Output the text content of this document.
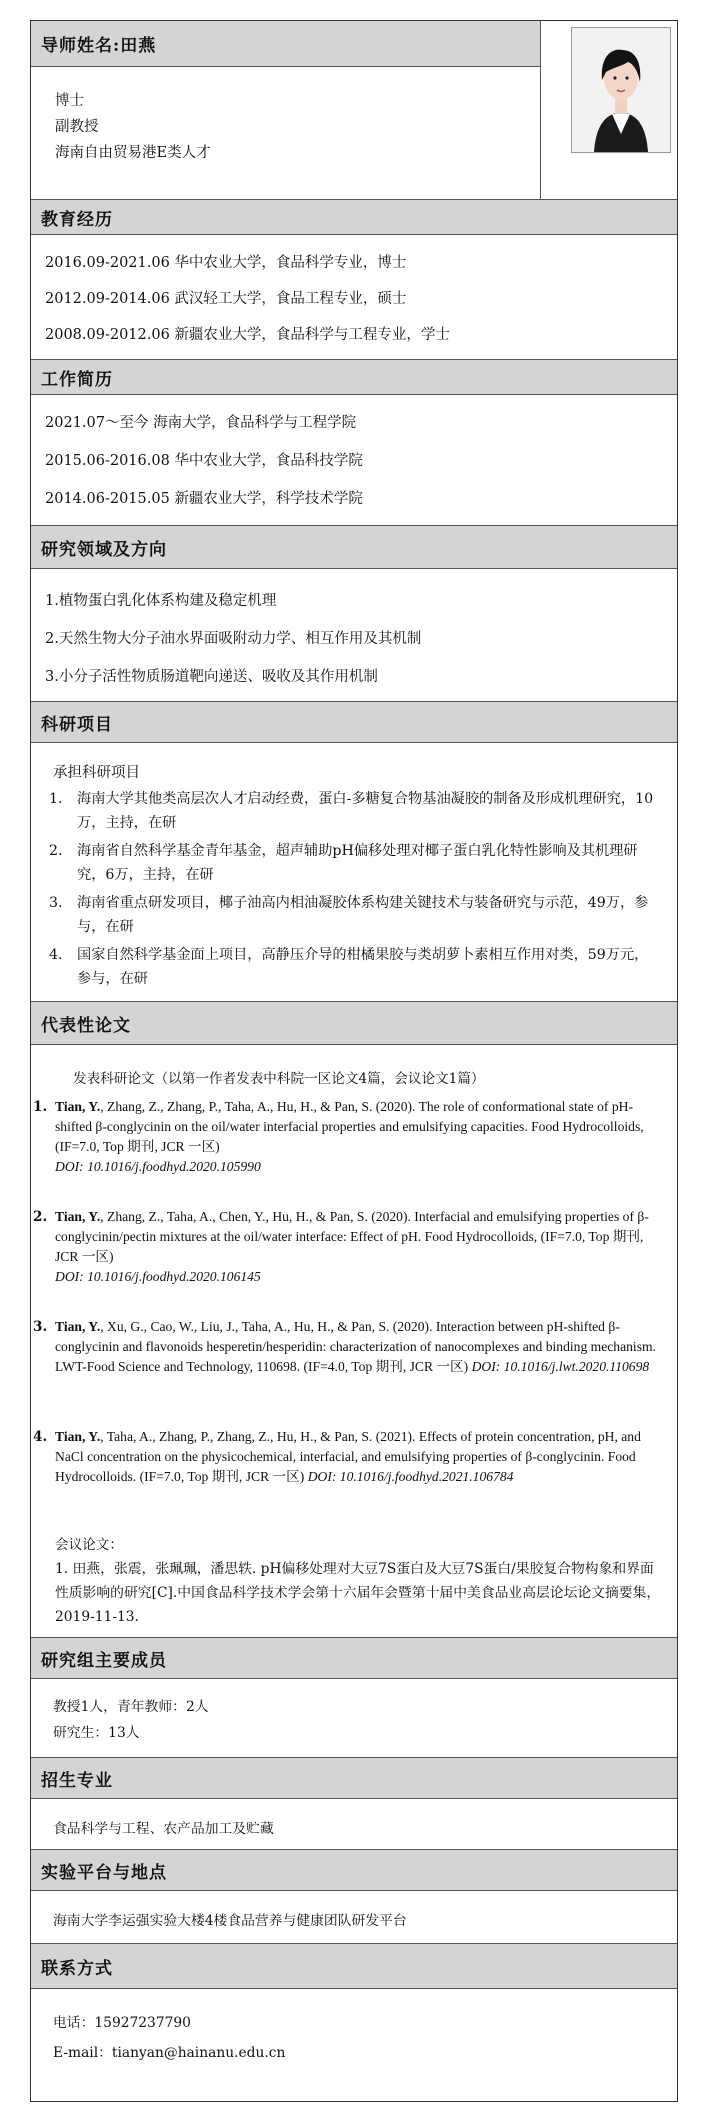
导师姓名:田燕
博士
副教授
海南自由贸易港E类人才
教育经历
2016.09-2021.06 华中农业大学，食品科学专业，博士
2012.09-2014.06 武汉轻工大学，食品工程专业，硕士
2008.09-2012.06 新疆农业大学，食品科学与工程专业，学士
工作简历
2021.07～至今 海南大学，食品科学与工程学院
2015.06-2016.08 华中农业大学，食品科技学院
2014.06-2015.05 新疆农业大学，科学技术学院
研究领域及方向
1.植物蛋白乳化体系构建及稳定机理
2.天然生物大分子油水界面吸附动力学、相互作用及其机制
3.小分子活性物质肠道靶向递送、吸收及其作用机制
科研项目
承担科研项目
1. 海南大学其他类高层次人才启动经费，蛋白-多糖复合物基油凝胶的制备及形成机理研究，10万，主持，在研
2. 海南省自然科学基金青年基金，超声辅助pH偏移处理对椰子蛋白乳化特性影响及其机理研究，6万，主持，在研
3. 海南省重点研发项目，椰子油高内相油凝胶体系构建关键技术与装备研究与示范，49万，参与，在研
4. 国家自然科学基金面上项目，高静压介导的柑橘果胶与类胡萝卜素相互作用对类，59万元，参与，在研
代表性论文
发表科研论文（以第一作者发表中科院一区论文4篇，会议论文1篇）
1. Tian, Y., Zhang, Z., Zhang, P., Taha, A., Hu, H., & Pan, S. (2020). The role of conformational state of pH-shifted β-conglycinin on the oil/water interfacial properties and emulsifying capacities. Food Hydrocolloids, (IF=7.0, Top 期刊, JCR 一区)
DOI: 10.1016/j.foodhyd.2020.105990
2. Tian, Y., Zhang, Z., Taha, A., Chen, Y., Hu, H., & Pan, S. (2020). Interfacial and emulsifying properties of β-conglycinin/pectin mixtures at the oil/water interface: Effect of pH. Food Hydrocolloids, (IF=7.0, Top 期刊, JCR 一区)
DOI: 10.1016/j.foodhyd.2020.106145
3. Tian, Y., Xu, G., Cao, W., Liu, J., Taha, A., Hu, H., & Pan, S. (2020). Interaction between pH-shifted β-conglycinin and flavonoids hesperetin/hesperidin: characterization of nanocomplexes and binding mechanism. LWT-Food Science and Technology, 110698. (IF=4.0, Top 期刊, JCR 一区) DOI: 10.1016/j.lwt.2020.110698
4. Tian, Y., Taha, A., Zhang, P., Zhang, Z., Hu, H., & Pan, S. (2021). Effects of protein concentration, pH, and NaCl concentration on the physicochemical, interfacial, and emulsifying properties of β-conglycinin. Food Hydrocolloids. (IF=7.0, Top 期刊, JCR 一区) DOI: 10.1016/j.foodhyd.2021.106784
会议论文：
1. 田燕，张震，张珮珮，潘思轶. pH偏移处理对大豆7S蛋白及大豆7S蛋白/果胶复合物构象和界面性质影响的研究[C].中国食品科学技术学会第十六届年会暨第十届中美食品业高层论坛论文摘要集，2019-11-13.
研究组主要成员
教授1人，青年教师：2人
研究生：13人
招生专业
食品科学与工程、农产品加工及贮藏
实验平台与地点
海南大学李运强实验大楼4楼食品营养与健康团队研发平台
联系方式
电话：15927237790
E-mail：tianyan@hainanu.edu.cn
